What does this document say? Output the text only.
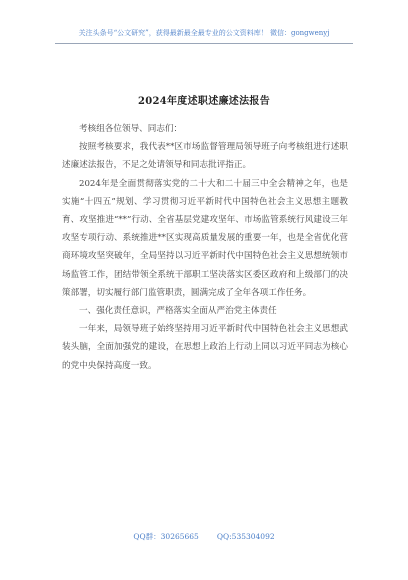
关注头条号“公文研究”，获得最新最全最专业的公文资料库！ 微信：gongwenyj
2024年度述职述廉述法报告

考核组各位领导、同志们：

按照考核要求，我代表**区市场监督管理局领导班子向考核组进行述职述廉述法报告，不足之处请领导和同志批评指正。

2024年是全面贯彻落实党的二十大和二十届三中全会精神之年，也是实施“十四五”规划、学习贯彻习近平新时代中国特色社会主义思想主题教育、攻坚推进“**”行动、全省基层党建攻坚年、市场监管系统行风建设三年攻坚专项行动、系统推进**区实现高质量发展的重要一年，也是全省优化营商环境攻坚突破年，全局坚持以习近平新时代中国特色社会主义思想统领市场监管工作，团结带领全系统干部职工坚决落实区委区政府和上级部门的决策部署，切实履行部门监管职责，圆满完成了全年各项工作任务。

一、强化责任意识，严格落实全面从严治党主体责任

一年来，局领导班子始终坚持用习近平新时代中国特色社会主义思想武装头脑，全面加强党的建设，在思想上政治上行动上同以习近平同志为核心的党中央保持高度一致。

QQ群：30265665 QQ:535304092
